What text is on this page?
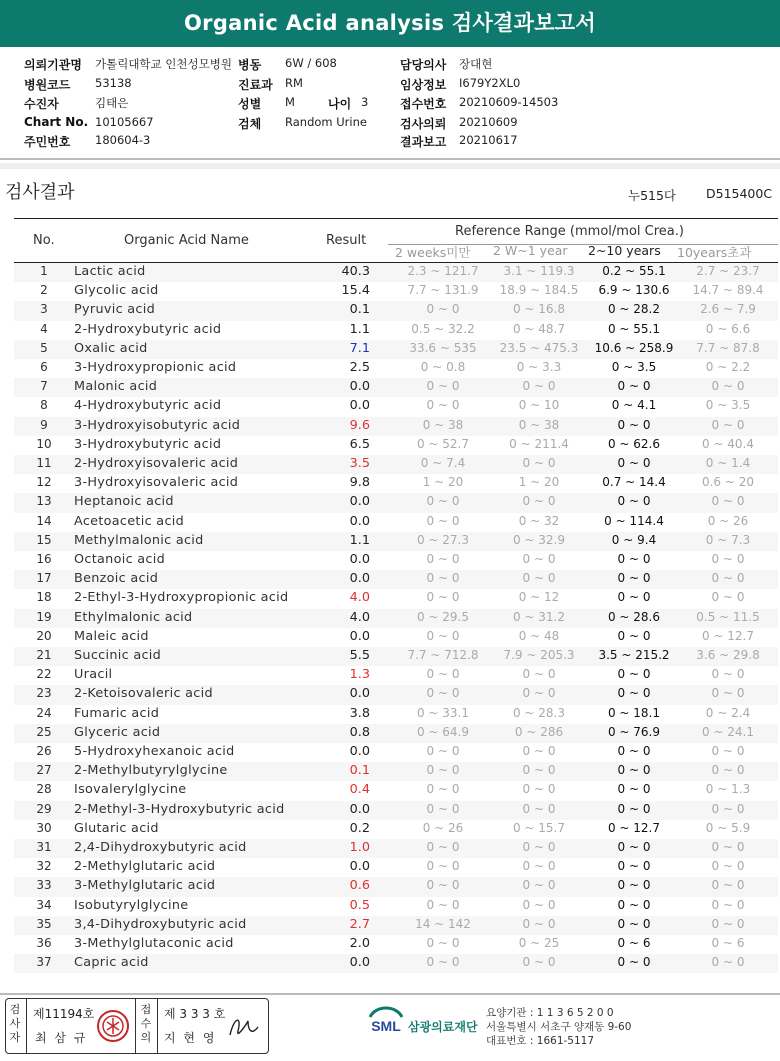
Organic Acid analysis 검사결과보고서
의뢰기관명 가톨릭대학교 인천성모병원 병동 6W / 608	담당의사 장대현
병원코드 53138	진료과 RM	임상정보 I679Y2XL0
수진자	김태은	성별 M	나이 3	접수번호 20210609-14503
Chart No. 10105667	검체 Random Urine	검사의뢰 20210609
주민번호 180604-3	결과보고 20210617
검사결과	누515다 D515400C
No.	Organic Acid Name	Result
Reference Range (mmol/mol Crea.)
2 weeks미만 2 W~1 year 2~10 years 10years초과
1	Lactic acid	40.3	2.3 ~ 121.7	3.1 ~ 119.3	0.2 ~ 55.1	2.7 ~ 23.7
2	Glycolic acid	15.4	7.7 ~ 131.9	18.9 ~ 184.5	6.9 ~ 130.6	14.7 ~ 89.4
3	Pyruvic acid	0.1	0 ~ 0	0 ~ 16.8	0 ~ 28.2	2.6 ~ 7.9
4	2-Hydroxybutyric acid	1.1	0.5 ~ 32.2	0 ~ 48.7	0 ~ 55.1	0 ~ 6.6
5	Oxalic acid	7.1	33.6 ~ 535	23.5 ~ 475.3	10.6 ~ 258.9	7.7 ~ 87.8
6	3-Hydroxypropionic acid	2.5	0 ~ 0.8	0 ~ 3.3	0 ~ 3.5	0 ~ 2.2
7	Malonic acid	0.0	0 ~ 0	0 ~ 0	0 ~ 0	0 ~ 0
8	4-Hydroxybutyric acid	0.0	0 ~ 0	0 ~ 10	0 ~ 4.1	0 ~ 3.5
9	3-Hydroxyisobutyric acid	9.6	0 ~ 38	0 ~ 38	0 ~ 0	0 ~ 0
10	3-Hydroxybutyric acid	6.5	0 ~ 52.7	0 ~ 211.4	0 ~ 62.6	0 ~ 40.4
11	2-Hydroxyisovaleric acid	3.5	0 ~ 7.4	0 ~ 0	0 ~ 0	0 ~ 1.4
12	3-Hydroxyisovaleric acid	9.8	1 ~ 20	1 ~ 20	0.7 ~ 14.4	0.6 ~ 20
13	Heptanoic acid	0.0	0 ~ 0	0 ~ 0	0 ~ 0	0 ~ 0
14	Acetoacetic acid	0.0	0 ~ 0	0 ~ 32	0 ~ 114.4	0 ~ 26
15	Methylmalonic acid	1.1	0 ~ 27.3	0 ~ 32.9	0 ~ 9.4	0 ~ 7.3
16	Octanoic acid	0.0	0 ~ 0	0 ~ 0	0 ~ 0	0 ~ 0
17	Benzoic acid	0.0	0 ~ 0	0 ~ 0	0 ~ 0	0 ~ 0
18	2-Ethyl-3-Hydroxypropionic acid	4.0	0 ~ 0	0 ~ 12	0 ~ 0	0 ~ 0
19	Ethylmalonic acid	4.0	0 ~ 29.5	0 ~ 31.2	0 ~ 28.6	0.5 ~ 11.5
20	Maleic acid	0.0	0 ~ 0	0 ~ 48	0 ~ 0	0 ~ 12.7
21	Succinic acid	5.5	7.7 ~ 712.8	7.9 ~ 205.3	3.5 ~ 215.2	3.6 ~ 29.8
22	Uracil	1.3	0 ~ 0	0 ~ 0	0 ~ 0	0 ~ 0
23	2-Ketoisovaleric acid	0.0	0 ~ 0	0 ~ 0	0 ~ 0	0 ~ 0
24	Fumaric acid	3.8	0 ~ 33.1	0 ~ 28.3	0 ~ 18.1	0 ~ 2.4
25	Glyceric acid	0.8	0 ~ 64.9	0 ~ 286	0 ~ 76.9	0 ~ 24.1
26	5-Hydroxyhexanoic acid	0.0	0 ~ 0	0 ~ 0	0 ~ 0	0 ~ 0
27	2-Methylbutyrylglycine	0.1	0 ~ 0	0 ~ 0	0 ~ 0	0 ~ 0
28	Isovalerylglycine	0.4	0 ~ 0	0 ~ 0	0 ~ 0	0 ~ 1.3
29	2-Methyl-3-Hydroxybutyric acid	0.0	0 ~ 0	0 ~ 0	0 ~ 0	0 ~ 0
30	Glutaric acid	0.2	0 ~ 26	0 ~ 15.7	0 ~ 12.7	0 ~ 5.9
31	2,4-Dihydroxybutyric acid	1.0	0 ~ 0	0 ~ 0	0 ~ 0	0 ~ 0
32	2-Methylglutaric acid	0.0	0 ~ 0	0 ~ 0	0 ~ 0	0 ~ 0
33	3-Methylglutaric acid	0.6	0 ~ 0	0 ~ 0	0 ~ 0	0 ~ 0
34	Isobutyrylglycine	0.5	0 ~ 0	0 ~ 0	0 ~ 0	0 ~ 0
35	3,4-Dihydroxybutyric acid	2.7	14 ~ 142	0 ~ 0	0 ~ 0	0 ~ 0
36	3-Methylglutaconic acid	2.0	0 ~ 0	0 ~ 25	0 ~ 6	0 ~ 6
37	Capric acid	0.0	0 ~ 0	0 ~ 0	0 ~ 0	0 ~ 0
검사자
제11194호
최 삼 규
접수의
제 3 3 3 호
지 현 영
SML 삼광의료재단
요양기관 : 1 1 3 6 5 2 0 0
서울특별시 서초구 양재동 9-60
대표번호 : 1661-5117
